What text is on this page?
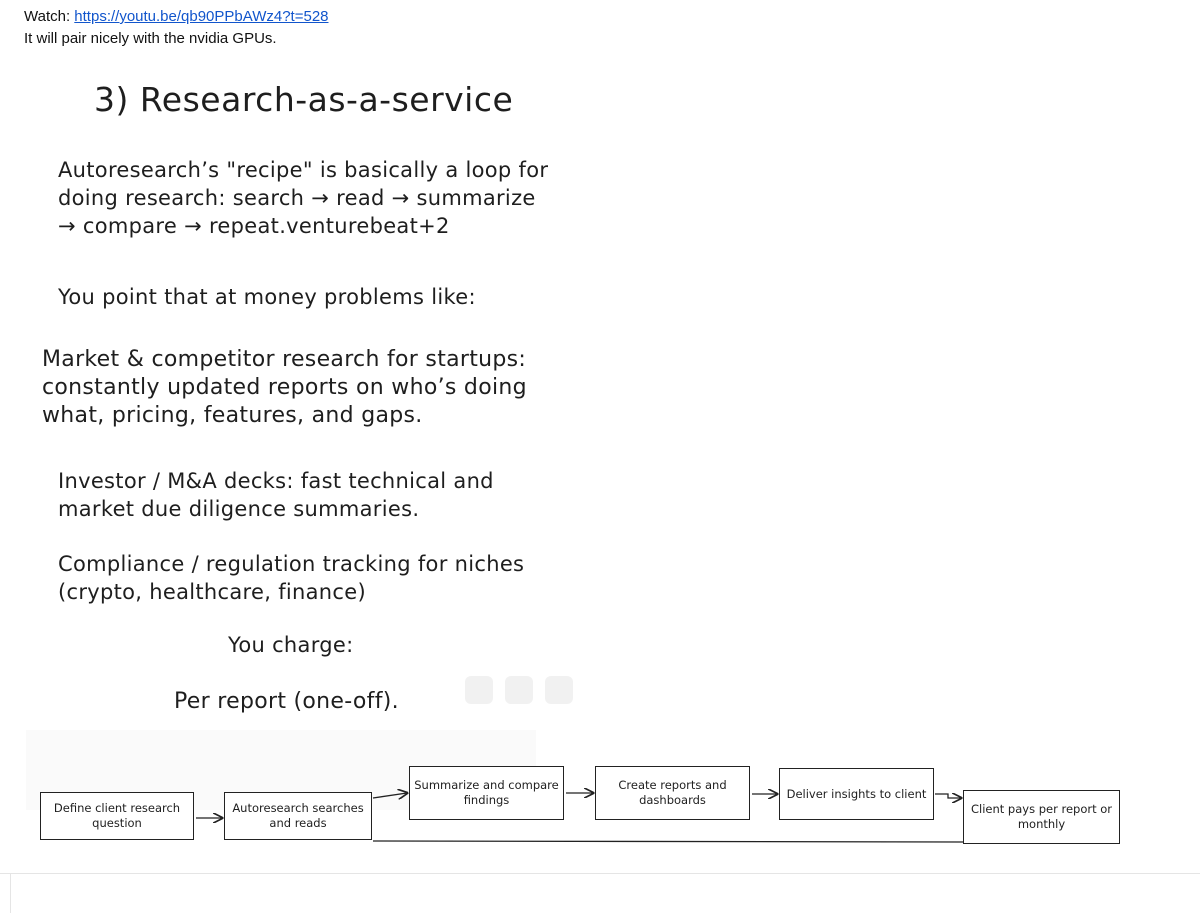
Watch: https://youtu.be/qb90PPbAWz4?t=528
It will pair nicely with the nvidia GPUs.
3) Research-as-a-service
Autoresearch’s "recipe" is basically a loop for
doing research: search → read → summarize
→ compare → repeat.venturebeat+2
You point that at money problems like:
Market & competitor research for startups:
constantly updated reports on who’s doing
what, pricing, features, and gaps.
Investor / M&A decks: fast technical and
market due diligence summaries.
Compliance / regulation tracking for niches
(crypto, healthcare, finance)
You charge:
Per report (one-off).
Define client research question
Autoresearch searches and reads
Summarize and compare findings
Create reports and dashboards	Deliver insights to client
Client pays per report or monthly
